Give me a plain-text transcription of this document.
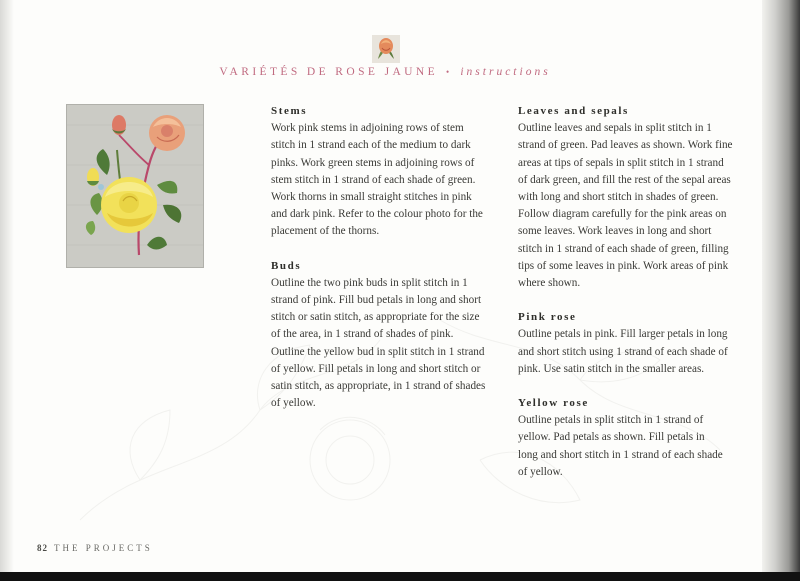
VARIÉTÉS DE ROSE JAUNE • instructions
Stems

Work pink stems in adjoining rows of stem
stitch in 1 strand each of the medium to dark
pinks. Work green stems in adjoining rows of
stem stitch in 1 strand of each shade of green.
Work thorns in small straight stitches in pink
and dark pink. Refer to the colour photo for the
placement of the thorns.

Buds

Outline the two pink buds in split stitch in 1
strand of pink. Fill bud petals in long and short
stitch or satin stitch, as appropriate for the size
of the area, in 1 strand of shades of pink.
Outline the yellow bud in split stitch in 1 strand
of yellow. Fill petals in long and short stitch or
satin stitch, as appropriate, in 1 strand of shades
of yellow.

Leaves and sepals

Outline leaves and sepals in split stitch in 1
strand of green. Pad leaves as shown. Work fine
areas at tips of sepals in split stitch in 1 strand
of dark green, and fill the rest of the sepal areas
with long and short stitch in shades of green.
Follow diagram carefully for the pink areas on
some leaves. Work leaves in long and short
stitch in 1 strand of each shade of green, filling
tips of some leaves in pink. Work areas of pink
where shown.

Pink rose

Outline petals in pink. Fill larger petals in long
and short stitch using 1 strand of each shade of
pink. Use satin stitch in the smaller areas.

Yellow rose

Outline petals in split stitch in 1 strand of
yellow. Pad petals as shown. Fill petals in
long and short stitch in 1 strand of each shade
of yellow.

82 THE PROJECTS
